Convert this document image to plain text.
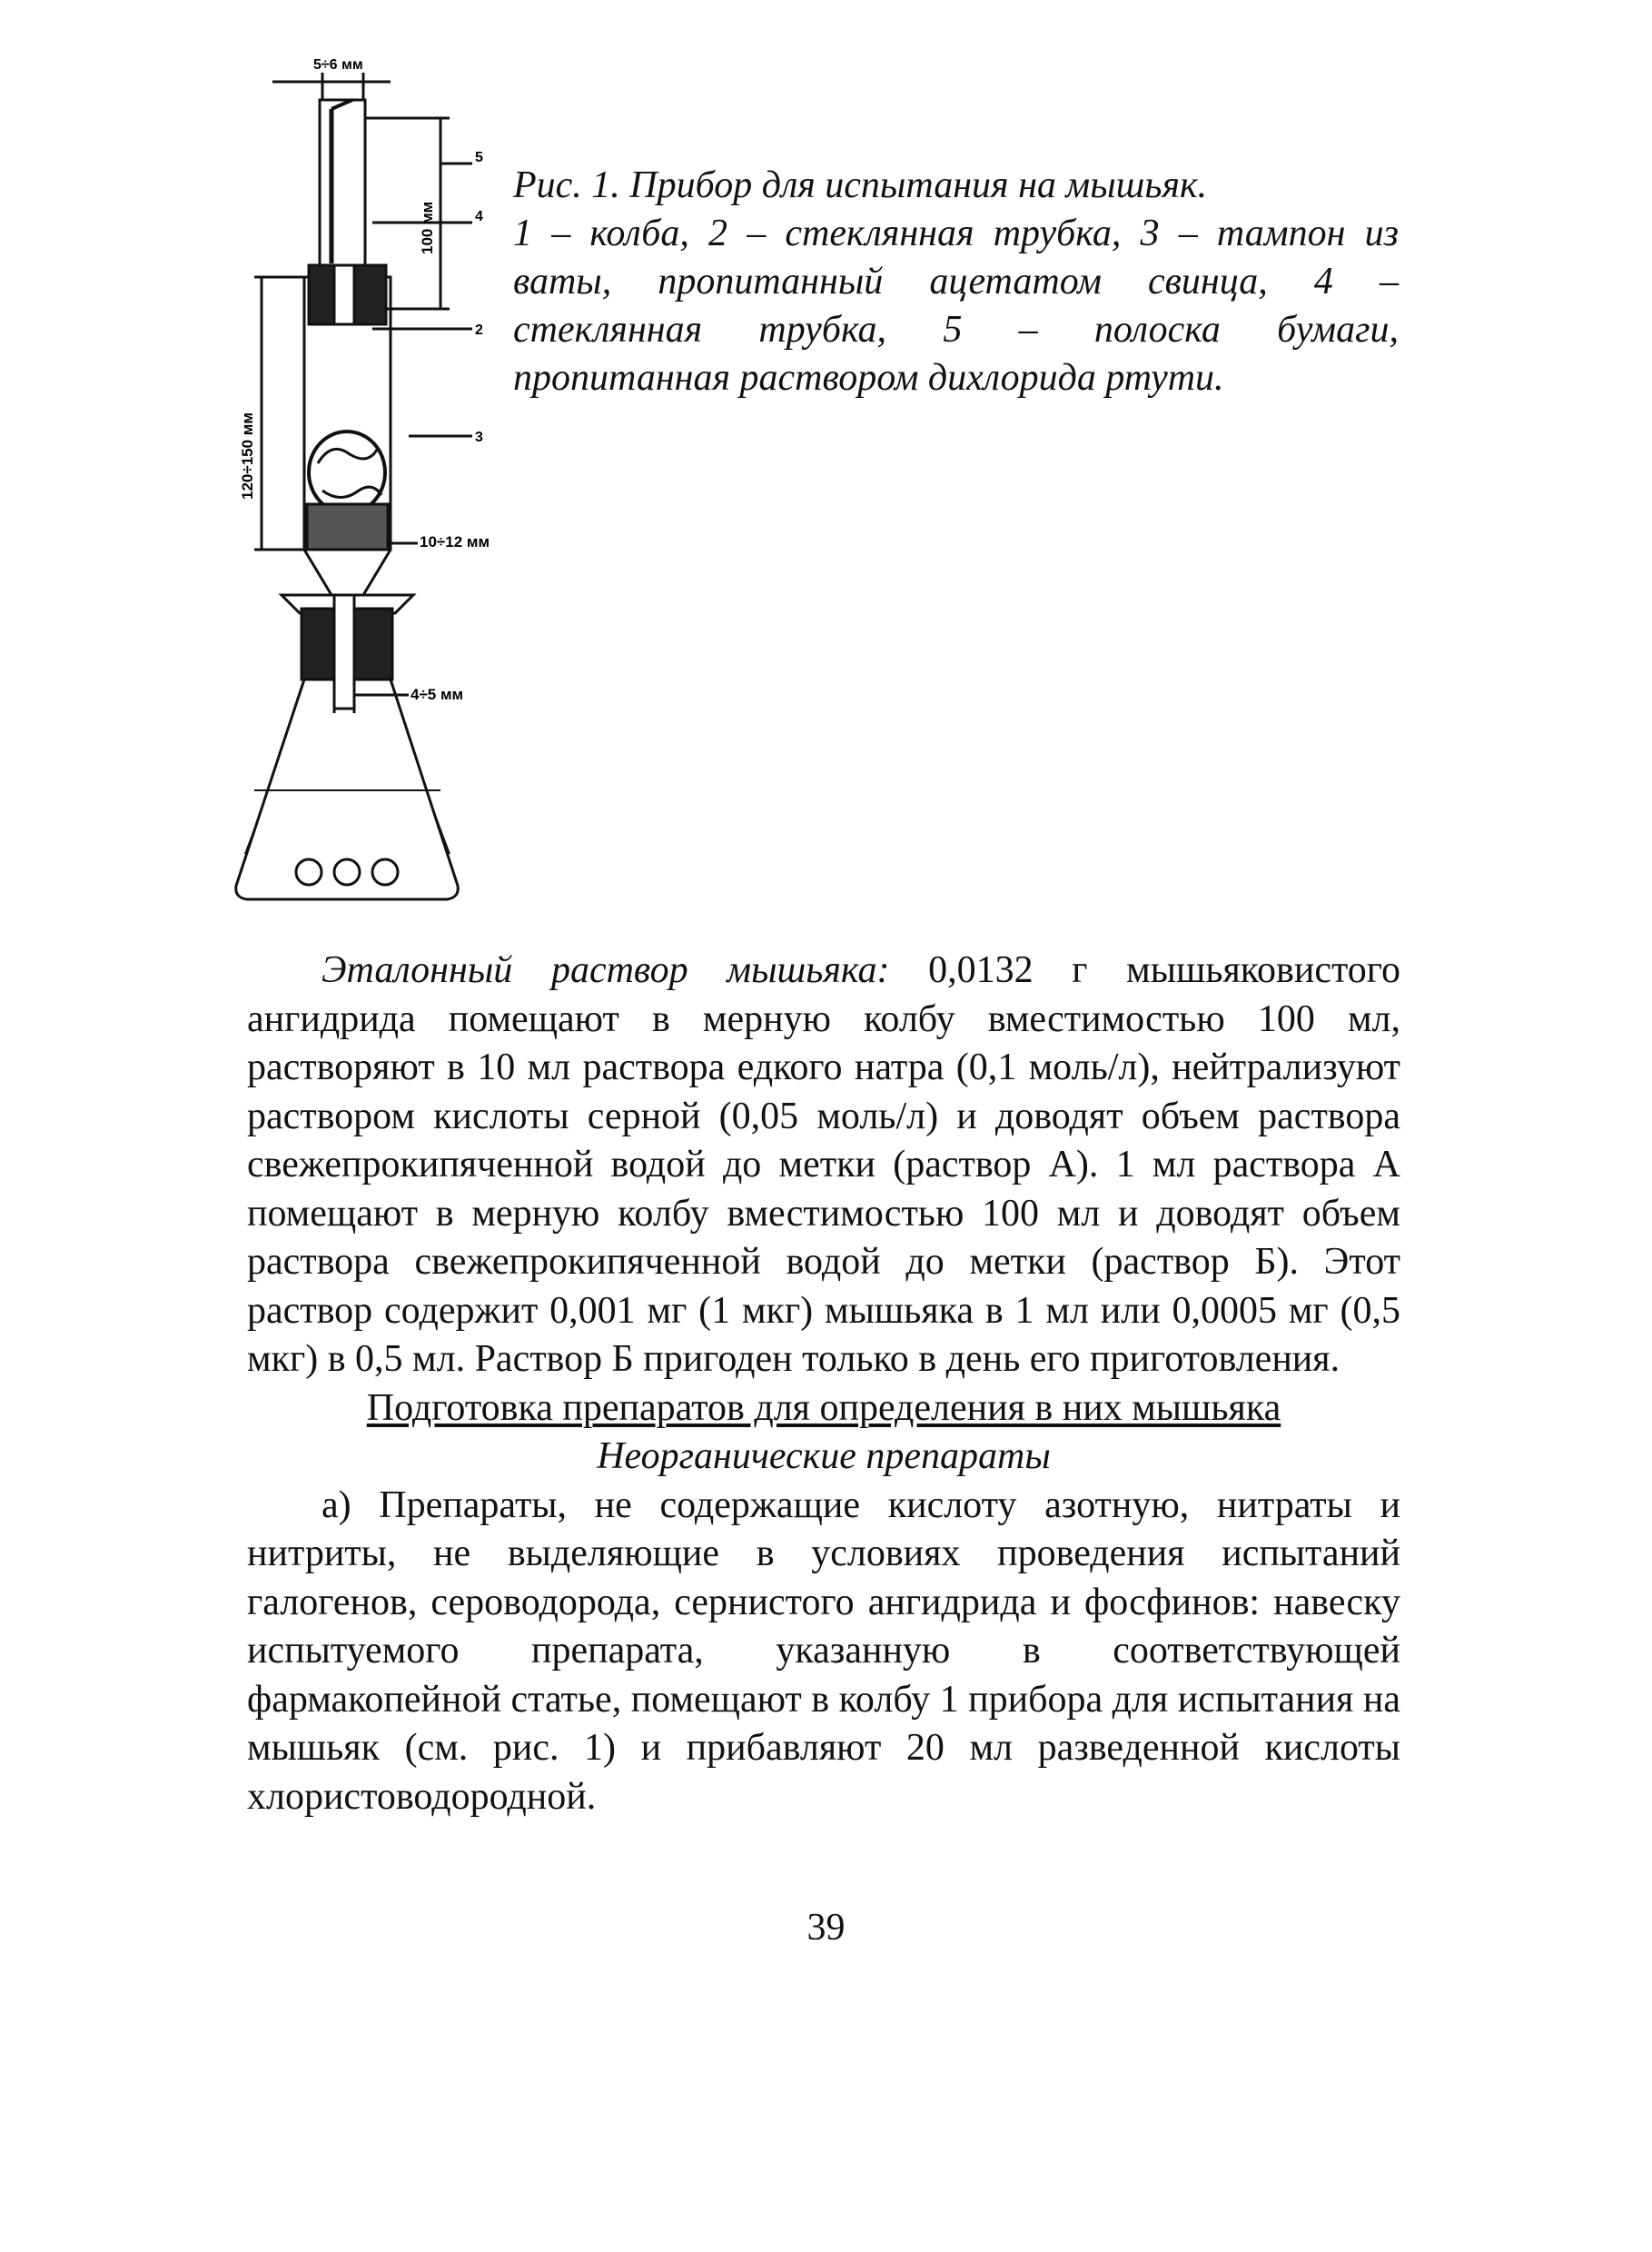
5÷6 мм
100 мм
120÷150 мм
10÷12 мм
4÷5 мм
5
4
2
3
Рис. 1. Прибор для испытания на мышьяк.
1 – колба, 2 – стеклянная трубка, 3 – тампон из
ваты, пропитанный ацетатом свинца, 4 –
стеклянная трубка, 5 – полоска бумаги,
пропитанная раствором дихлорида ртути.

Эталонный раствор мышьяка: 0,0132 г мышьяковистого ангидрида помещают в мерную колбу вместимостью 100 мл, растворяют в 10 мл раствора едкого натра (0,1 моль/л), нейтрализуют раствором кислоты серной (0,05 моль/л) и доводят объем раствора свежепрокипяченной водой до метки (раствор А). 1 мл раствора А помещают в мерную колбу вместимостью 100 мл и доводят объем раствора свежепрокипяченной водой до метки (раствор Б). Этот раствор содержит 0,001 мг (1 мкг) мышьяка в 1 мл или 0,0005 мг (0,5 мкг) в 0,5 мл. Раствор Б пригоден только в день его приготовления.

Подготовка препаратов для определения в них мышьяка

Неорганические препараты

а) Препараты, не содержащие кислоту азотную, нитраты и нитриты, не выделяющие в условиях проведения испытаний галогенов, сероводорода, сернистого ангидрида и фосфинов: навеску испытуемого препарата, указанную в соответствующей фармакопейной статье, помещают в колбу 1 прибора для испытания на мышьяк (см. рис. 1) и прибавляют 20 мл разведенной кислоты хлористоводородной.

39
